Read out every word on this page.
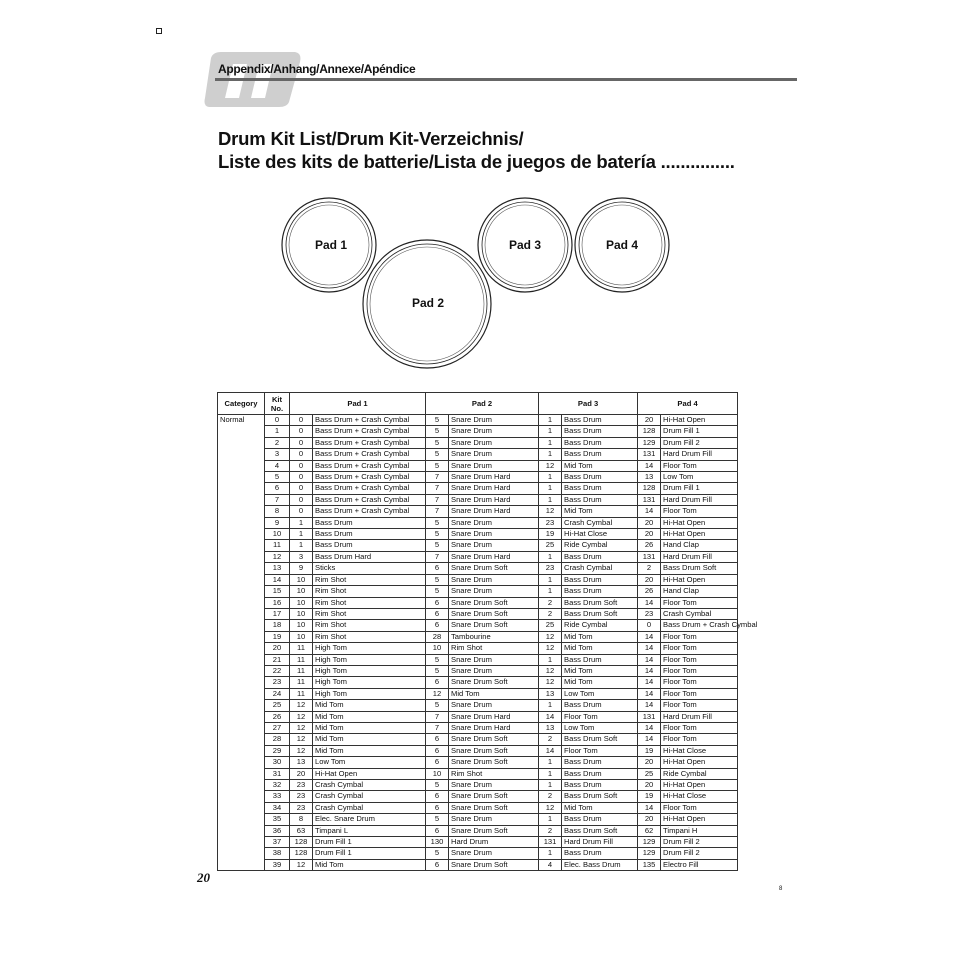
Appendix/Anhang/Annexe/Apéndice
Drum Kit List/Drum Kit-Verzeichnis/
Liste des kits de batterie/Lista de juegos de batería ...............
Pad 1
Pad 2
Pad 3	Pad 4
Category	Kit No.	Pad 1		Pad 2		Pad 3		Pad 4	
Normal	0	0	Bass Drum + Crash Cymbal	5	Snare Drum	1	Bass Drum	20	Hi-Hat Open
	1	0	Bass Drum + Crash Cymbal	5	Snare Drum	1	Bass Drum	128	Drum Fill 1
	2	0	Bass Drum + Crash Cymbal	5	Snare Drum	1	Bass Drum	129	Drum Fill 2
	3	0	Bass Drum + Crash Cymbal	5	Snare Drum	1	Bass Drum	131	Hard Drum Fill
	4	0	Bass Drum + Crash Cymbal	5	Snare Drum	12	Mid Tom	14	Floor Tom
	5	0	Bass Drum + Crash Cymbal	7	Snare Drum Hard	1	Bass Drum	13	Low Tom
	6	0	Bass Drum + Crash Cymbal	7	Snare Drum Hard	1	Bass Drum	128	Drum Fill 1
	7	0	Bass Drum + Crash Cymbal	7	Snare Drum Hard	1	Bass Drum	131	Hard Drum Fill
	8	0	Bass Drum + Crash Cymbal	7	Snare Drum Hard	12	Mid Tom	14	Floor Tom
	9	1	Bass Drum	5	Snare Drum	23	Crash Cymbal	20	Hi-Hat Open
	10	1	Bass Drum	5	Snare Drum	19	Hi-Hat Close	20	Hi-Hat Open
	11	1	Bass Drum	5	Snare Drum	25	Ride Cymbal	26	Hand Clap
	12	3	Bass Drum Hard	7	Snare Drum Hard	1	Bass Drum	131	Hard Drum Fill
	13	9	Sticks	6	Snare Drum Soft	23	Crash Cymbal	2	Bass Drum Soft
	14	10	Rim Shot	5	Snare Drum	1	Bass Drum	20	Hi-Hat Open
	15	10	Rim Shot	5	Snare Drum	1	Bass Drum	26	Hand Clap
	16	10	Rim Shot	6	Snare Drum Soft	2	Bass Drum Soft	14	Floor Tom
	17	10	Rim Shot	6	Snare Drum Soft	2	Bass Drum Soft	23	Crash Cymbal
	18	10	Rim Shot	6	Snare Drum Soft	25	Ride Cymbal	0	Bass Drum + Crash Cymbal
	19	10	Rim Shot	28	Tambourine	12	Mid Tom	14	Floor Tom
	20	11	High Tom	10	Rim Shot	12	Mid Tom	14	Floor Tom
	21	11	High Tom	5	Snare Drum	1	Bass Drum	14	Floor Tom
	22	11	High Tom	5	Snare Drum	12	Mid Tom	14	Floor Tom
	23	11	High Tom	6	Snare Drum Soft	12	Mid Tom	14	Floor Tom
	24	11	High Tom	12	Mid Tom	13	Low Tom	14	Floor Tom
	25	12	Mid Tom	5	Snare Drum	1	Bass Drum	14	Floor Tom
	26	12	Mid Tom	7	Snare Drum Hard	14	Floor Tom	131	Hard Drum Fill
	27	12	Mid Tom	7	Snare Drum Hard	13	Low Tom	14	Floor Tom
	28	12	Mid Tom	6	Snare Drum Soft	2	Bass Drum Soft	14	Floor Tom
	29	12	Mid Tom	6	Snare Drum Soft	14	Floor Tom	19	Hi-Hat Close
	30	13	Low Tom	6	Snare Drum Soft	1	Bass Drum	20	Hi-Hat Open
	31	20	Hi-Hat Open	10	Rim Shot	1	Bass Drum	25	Ride Cymbal
	32	23	Crash Cymbal	5	Snare Drum	1	Bass Drum	20	Hi-Hat Open
	33	23	Crash Cymbal	6	Snare Drum Soft	2	Bass Drum Soft	19	Hi-Hat Close
	34	23	Crash Cymbal	6	Snare Drum Soft	12	Mid Tom	14	Floor Tom
	35	8	Elec. Snare Drum	5	Snare Drum	1	Bass Drum	20	Hi-Hat Open
	36	63	Timpani L	6	Snare Drum Soft	2	Bass Drum Soft	62	Timpani H
	37	128	Drum Fill 1	130	Hard Drum	131	Hard Drum Fill	129	Drum Fill 2
	38	128	Drum Fill 1	5	Snare Drum	1	Bass Drum	129	Drum Fill 2
	39	12	Mid Tom	6	Snare Drum Soft	4	Elec. Bass Drum	135	Electro Fill
20
8
